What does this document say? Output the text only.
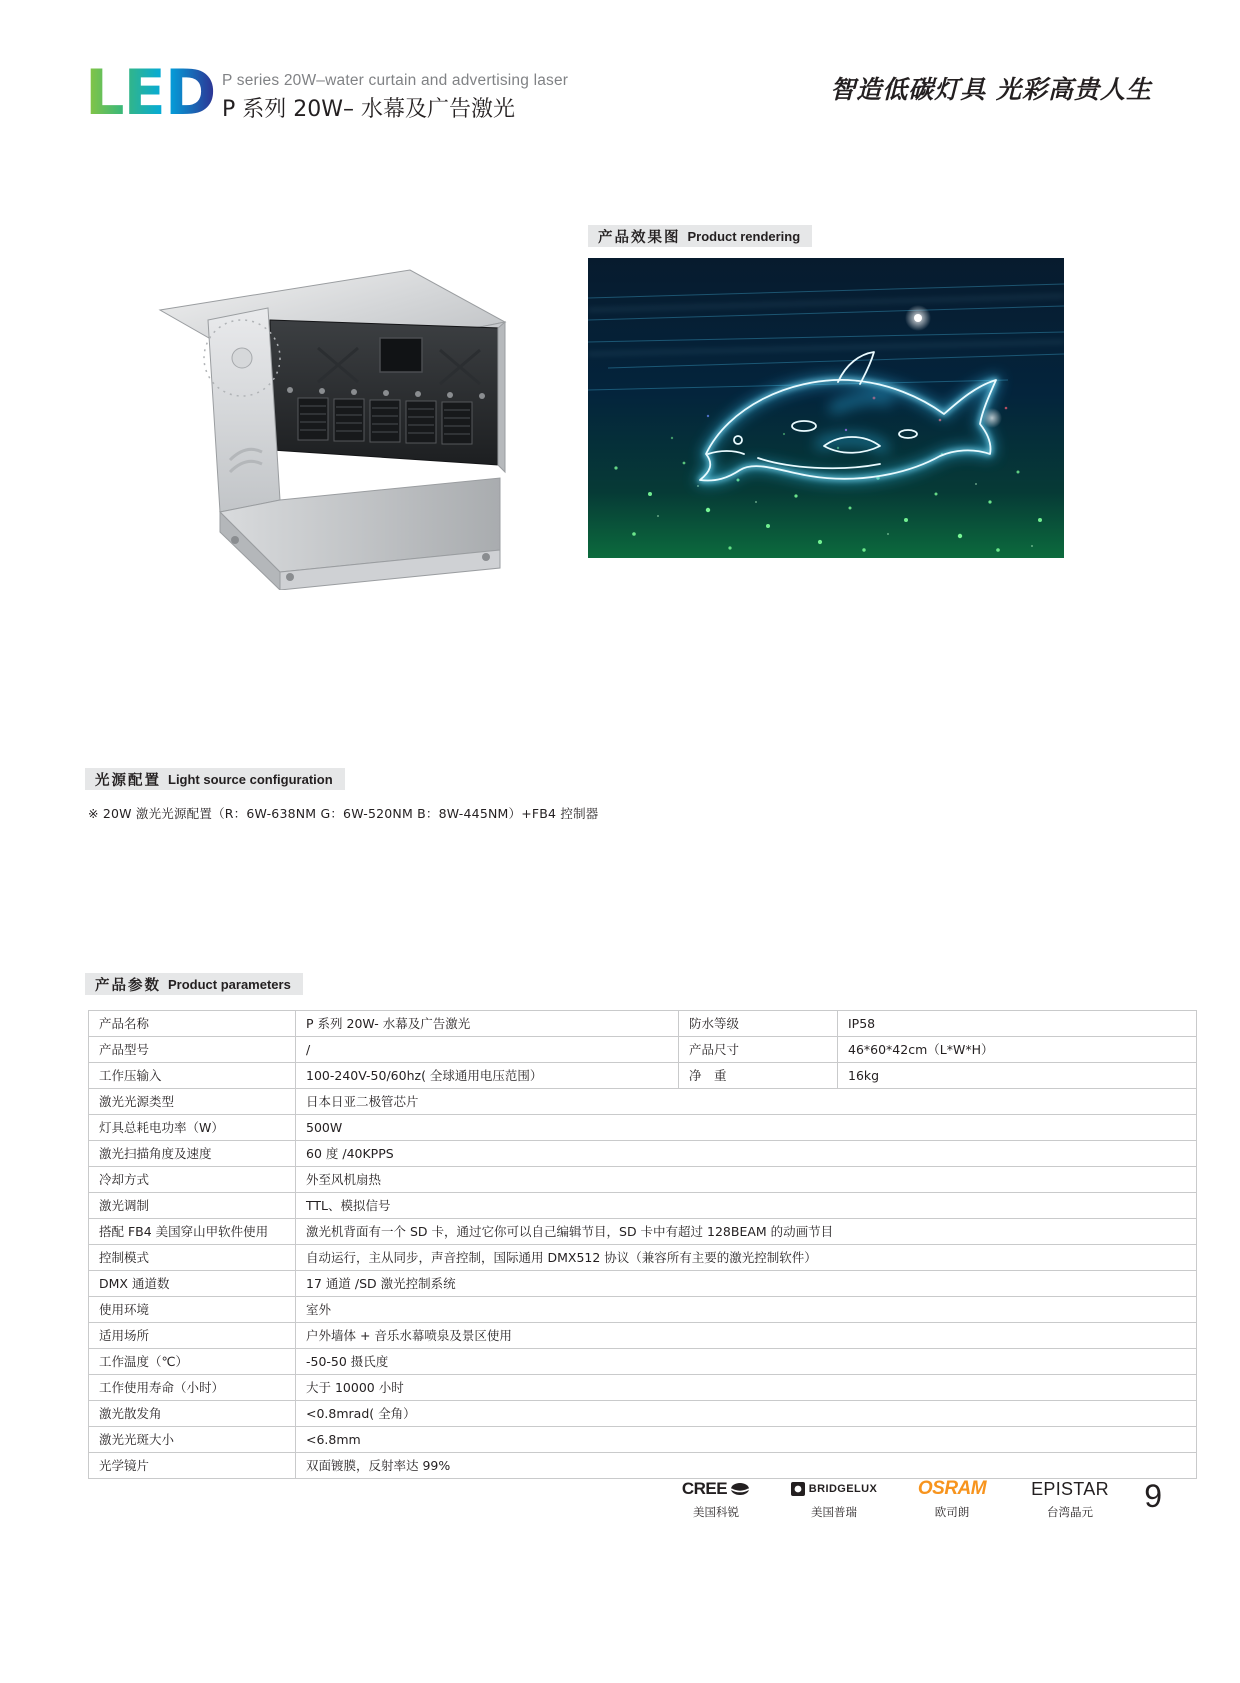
LED P series 20W–water curtain and advertising laser
P 系列 20W– 水幕及广告激光
智造低碳灯具 光彩高贵人生
产品效果图 Product rendering
光源配置 Light source configuration
※ 20W 激光光源配置（R：6W-638NM G：6W-520NM B：8W-445NM）+FB4 控制器
产品参数 Product parameters
产品名称	P 系列 20W- 水幕及广告激光	防水等级	IP58
产品型号	/	产品尺寸	46*60*42cm（L*W*H）
工作压输入	100-240V-50/60hz( 全球通用电压范围）	净　重	16kg
激光光源类型	日本日亚二极管芯片		
灯具总耗电功率（W）	500W		
激光扫描角度及速度	60 度 /40KPPS		
冷却方式	外至风机扇热		
激光调制	TTL、模拟信号		
搭配 FB4 美国穿山甲软件使用	激光机背面有一个 SD 卡，通过它你可以自己编辑节目，SD 卡中有超过 128BEAM 的动画节目		
控制模式	自动运行，主从同步，声音控制，国际通用 DMX512 协议（兼容所有主要的激光控制软件）		
DMX 通道数	17 通道 /SD 激光控制系统		
使用环境	室外		
适用场所	户外墙体 + 音乐水幕喷泉及景区使用		
工作温度（℃）	-50-50 摄氏度		
工作使用寿命（小时）	大于 10000 小时		
激光散发角	<0.8mrad( 全角）		
激光光斑大小	<6.8mm		
光学镜片	双面镀膜，反射率达 99%		
CREE
美国科锐
BRIDGELUX
美国普瑞
OSRAM
欧司朗
EPISTAR
台湾晶元	9
